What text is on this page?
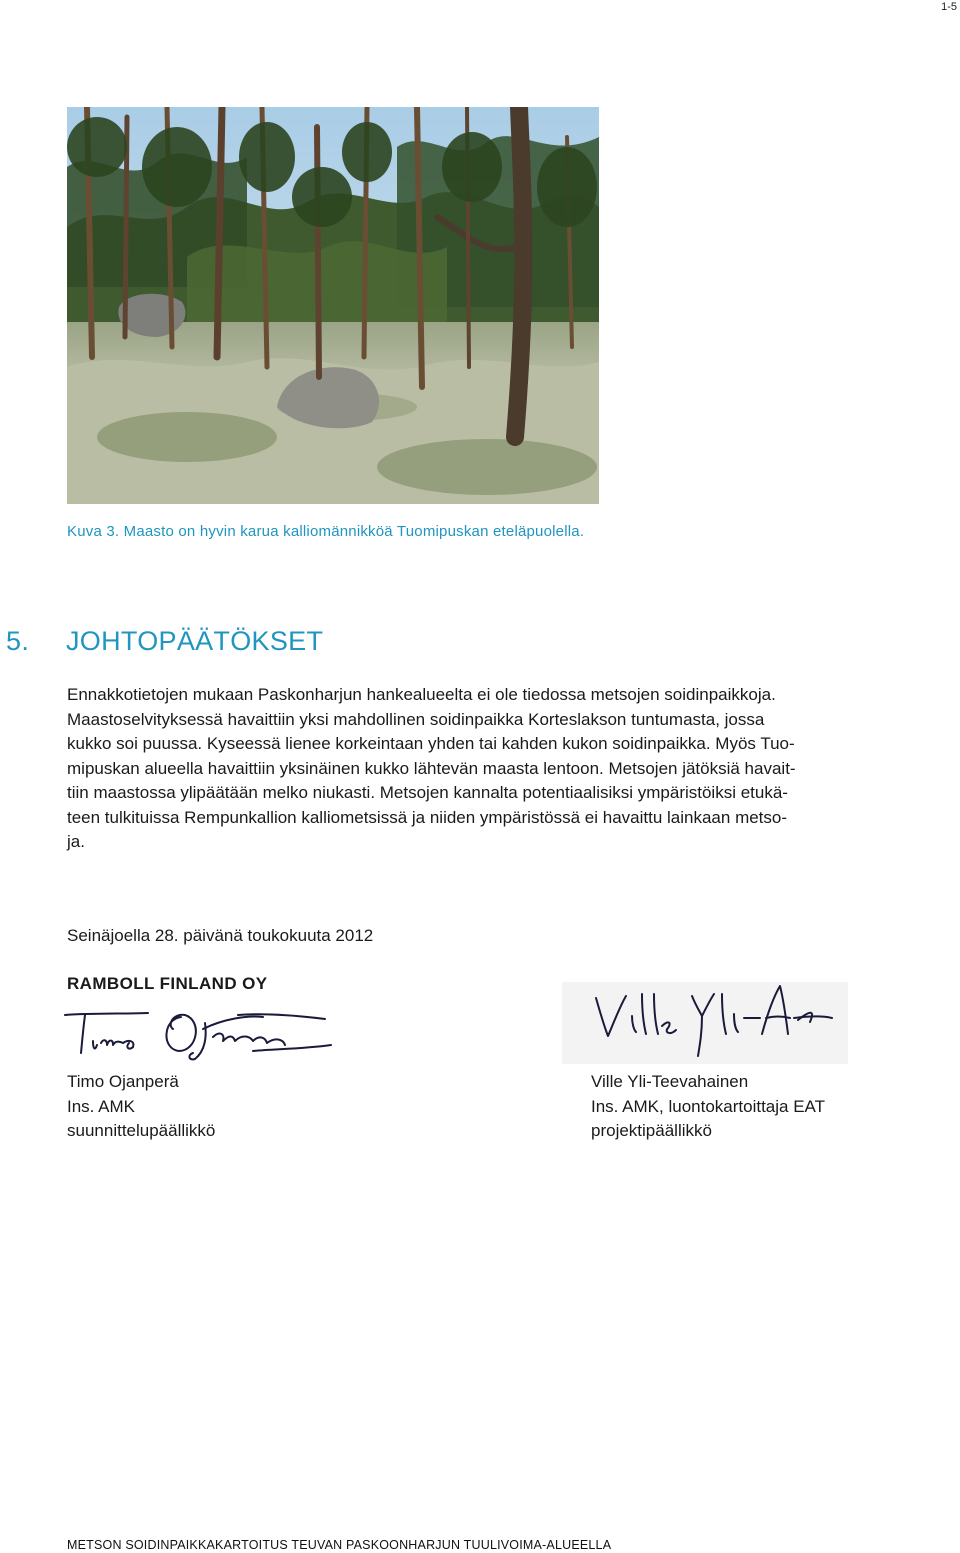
1-5
Kuva 3. Maasto on hyvin karua kalliomännikköä Tuomipuskan eteläpuolella.
5. JOHTOPÄÄTÖKSET
Ennakkotietojen mukaan Paskonharjun hankealueelta ei ole tiedossa metsojen soidinpaikkoja.
Maastoselvityksessä havaittiin yksi mahdollinen soidinpaikka Korteslakson tuntumasta, jossa
kukko soi puussa. Kyseessä lienee korkeintaan yhden tai kahden kukon soidinpaikka. Myös Tuo-
mipuskan alueella havaittiin yksinäinen kukko lähtevän maasta lentoon. Metsojen jätöksiä havait-
tiin maastossa ylipäätään melko niukasti. Metsojen kannalta potentiaalisiksi ympäristöiksi etukä-
teen tulkituissa Rempunkallion kalliometsissä ja niiden ympäristössä ei havaittu lainkaan metso-
ja.
Seinäjoella 28. päivänä toukokuuta 2012
RAMBOLL FINLAND OY
Timo Ojanperä
Ins. AMK
suunnittelupäällikkö
Ville Yli-Teevahainen
Ins. AMK, luontokartoittaja EAT
projektipäällikkö
METSON SOIDINPAIKKAKARTOITUS TEUVAN PASKOONHARJUN TUULIVOIMA-ALUEELLA
